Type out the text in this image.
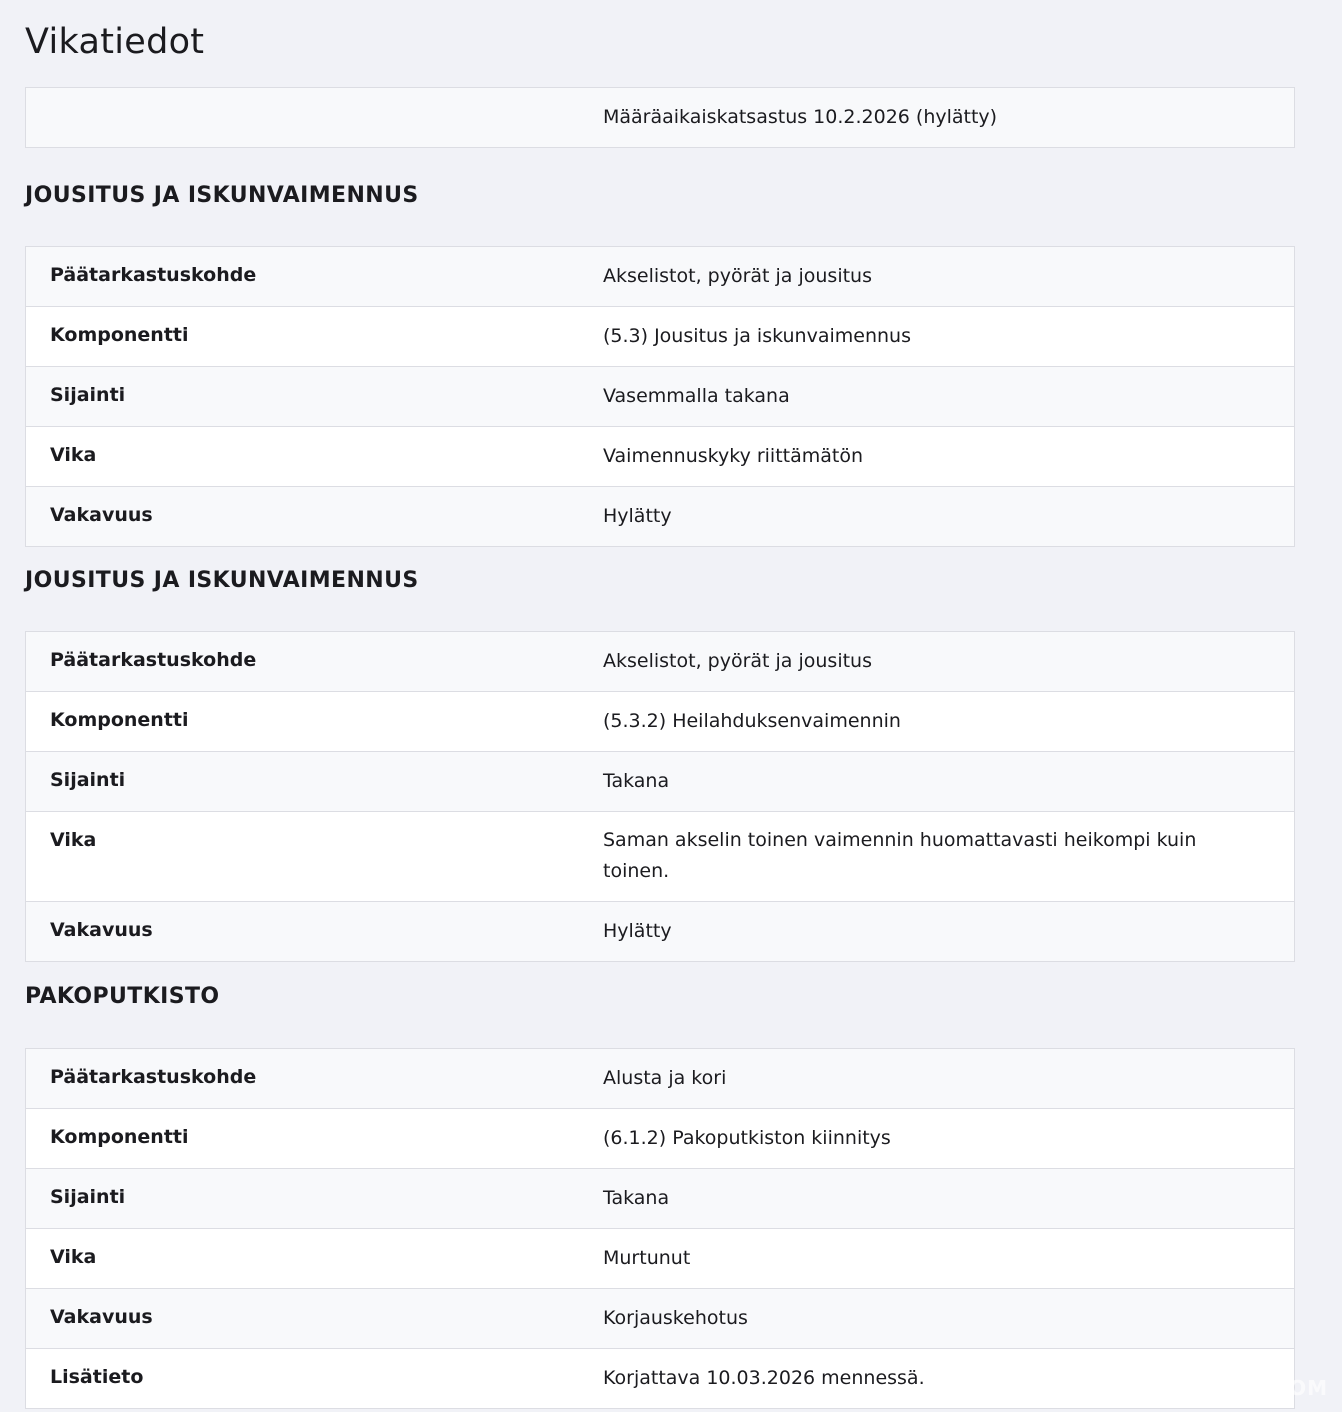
Vikatiedot
Määräaikaiskatsastus 10.2.2026 (hylätty)
JOUSITUS JA ISKUNVAIMENNUS
Päätarkastuskohde	Akselistot, pyörät ja jousitus
Komponentti	(5.3) Jousitus ja iskunvaimennus
Sijainti	Vasemmalla takana
Vika	Vaimennuskyky riittämätön
Vakavuus	Hylätty
JOUSITUS JA ISKUNVAIMENNUS
Päätarkastuskohde	Akselistot, pyörät ja jousitus
Komponentti	(5.3.2) Heilahduksenvaimennin
Sijainti	Takana
Vika	Saman akselin toinen vaimennin huomattavasti heikompi kuin toinen.
Vakavuus	Hylätty
PAKOPUTKISTO
Päätarkastuskohde	Alusta ja kori
Komponentti	(6.1.2) Pakoputkiston kiinnitys
Sijainti	Takana
Vika	Murtunut
Vakavuus	Korjauskehotus
Lisätieto	Korjattava 10.03.2026 mennessä.	OSTOHAAVI.COM
